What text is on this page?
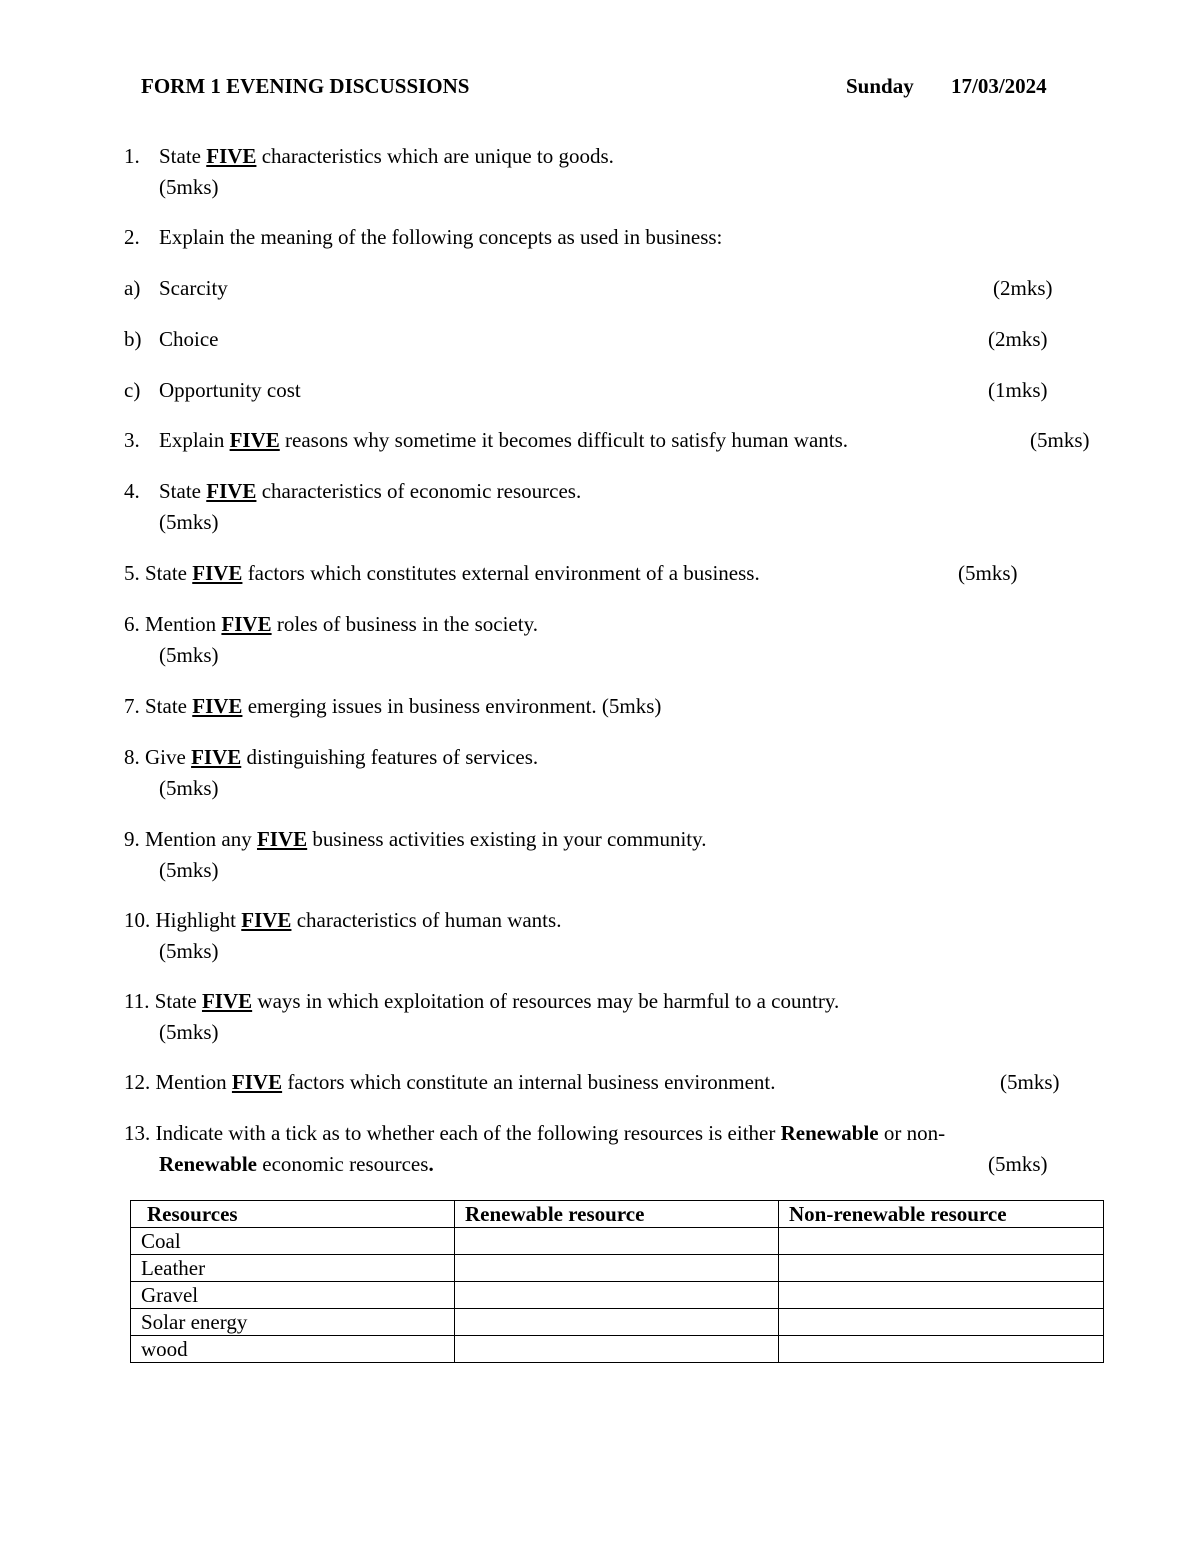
FORM 1 EVENING DISCUSSIONS	Sunday 17/03/2024
1. State FIVE characteristics which are unique to goods.
(5mks)
2. Explain the meaning of the following concepts as used in business:
a) Scarcity	(2mks)
b) Choice	(2mks)
c) Opportunity cost	(1mks)
3. Explain FIVE reasons why sometime it becomes difficult to satisfy human wants.	(5mks)
4. State FIVE characteristics of economic resources.
(5mks)
5. State FIVE factors which constitutes external environment of a business.	(5mks)
6. Mention FIVE roles of business in the society.
(5mks)
7. State FIVE emerging issues in business environment. (5mks)
8. Give FIVE distinguishing features of services.
(5mks)
9. Mention any FIVE business activities existing in your community.
(5mks)
10. Highlight FIVE characteristics of human wants.
(5mks)
11. State FIVE ways in which exploitation of resources may be harmful to a country.
(5mks)
12. Mention FIVE factors which constitute an internal business environment.	(5mks)
13. Indicate with a tick as to whether each of the following resources is either Renewable or non-
Renewable economic resources.	(5mks)
Resources	Renewable resource	Non-renewable resource
Coal		
Leather		
Gravel		
Solar energy		
wood		
